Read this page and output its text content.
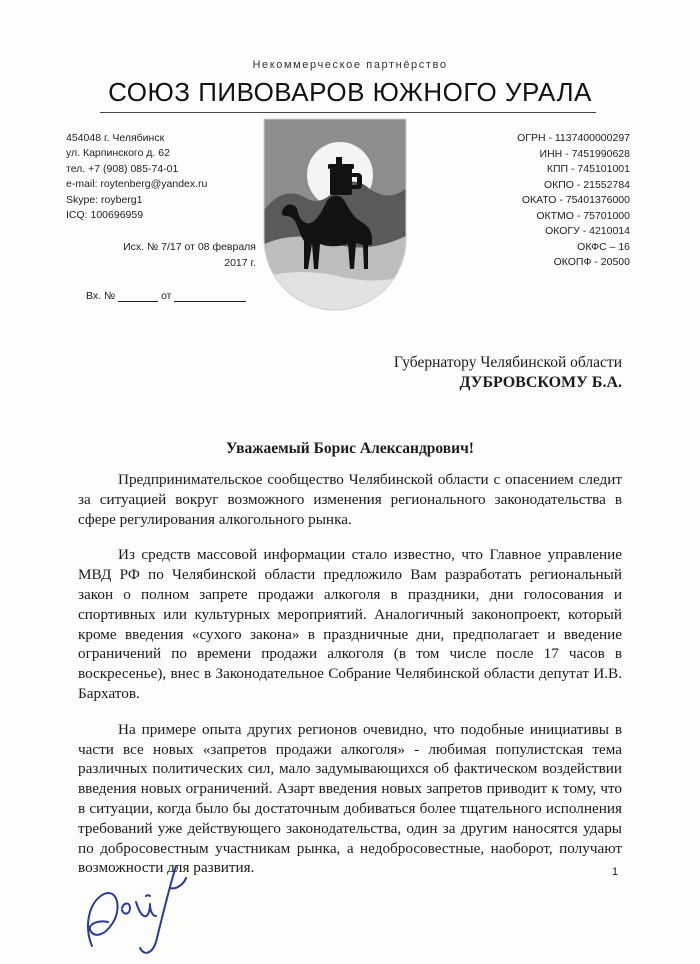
Некоммерческое партнёрство
СОЮЗ ПИВОВАРОВ ЮЖНОГО УРАЛА
454048 г. Челябинск
ул. Карпинского д. 62
тел. +7 (908) 085-74-01
e-mail: roytenberg@yandex.ru
Skype: royberg1
ICQ: 100696959
Исх. № 7/17 от 08 февраля
2017 г.
Вх. №	от
ОГРН - 1137400000297
ИНН - 7451990628
КПП - 745101001
ОКПО - 21552784
ОКАТО - 75401376000
ОКТМО - 75701000
ОКОГУ - 4210014
ОКФС – 16
ОКОПФ - 20500
Губернатору Челябинской области
ДУБРОВСКОМУ Б.А.
Уважаемый Борис Александрович!

Предпринимательское сообщество Челябинской области с опасением следит за ситуацией вокруг возможного изменения регионального законодательства в сфере регулирования алкогольного рынка.

Из средств массовой информации стало известно, что Главное управление МВД РФ по Челябинской области предложило Вам разработать региональный закон о полном запрете продажи алкоголя в праздники, дни голосования и спортивных или культурных мероприятий. Аналогичный законопроект, который кроме введения «сухого закона» в праздничные дни, предполагает и введение ограничений по времени продажи алкоголя (в том числе после 17 часов в воскресенье), внес в Законодательное Собрание Челябинской области депутат И.В. Бархатов.

На примере опыта других регионов очевидно, что подобные инициативы в части все новых «запретов продажи алкоголя» - любимая популистская тема различных политических сил, мало задумывающихся об фактическом воздействии введения новых ограничений. Азарт введения новых запретов приводит к тому, что в ситуации, когда было бы достаточным добиваться более тщательного исполнения требований уже действующего законодательства, один за другим наносятся удары по добросовестным участникам рынка, а недобросовестные, наоборот, получают возможности для развития.	1
